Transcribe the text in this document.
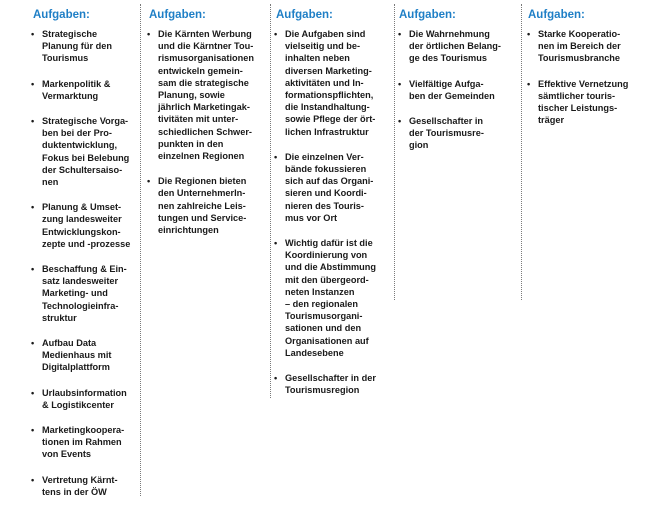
Aufgaben:
• Strategische
Planung für den
Tourismus
• Markenpolitik &
Vermarktung
• Strategische Vorga-
ben bei der Pro-
duktentwicklung,
Fokus bei Belebung
der Schultersaiso-
nen
• Planung & Umset-
zung landesweiter
Entwicklungskon-
zepte und -prozesse
• Beschaffung & Ein-
satz landesweiter
Marketing- und
Technologieinfra-
struktur
• Aufbau Data
Medienhaus mit
Digitalplattform
• Urlaubsinformation
& Logistikcenter
• Marketingkoopera-
tionen im Rahmen
von Events
• Vertretung Kärnt-
tens in der ÖW
Aufgaben:
• Die Kärnten Werbung
und die Kärntner Tou-
rismusorganisationen
entwickeln gemein-
sam die strategische
Planung, sowie
jährlich Marketingak-
tivitäten mit unter-
schiedlichen Schwer-
punkten in den
einzelnen Regionen
• Die Regionen bieten
den UnternehmerIn-
nen zahlreiche Leis-
tungen und Service-
einrichtungen
Aufgaben:
• Die Aufgaben sind
vielseitig und be-
inhalten neben
diversen Marketing-
aktivitäten und In-
formationspflichten,
die Instandhaltung-
sowie Pflege der ört-
lichen Infrastruktur
• Die einzelnen Ver-
bände fokussieren
sich auf das Organi-
sieren und Koordi-
nieren des Touris-
mus vor Ort
• Wichtig dafür ist die
Koordinierung von
und die Abstimmung
mit den übergeord-
neten Instanzen
– den regionalen
Tourismusorgani-
sationen und den
Organisationen auf
Landesebene
• Gesellschafter in der
Tourismusregion
Aufgaben:
• Die Wahrnehmung
der örtlichen Belang-
ge des Tourismus
• Vielfältige Aufga-
ben der Gemeinden
• Gesellschafter in
der Tourismusre-
gion
Aufgaben:
• Starke Kooperatio-
nen im Bereich der
Tourismusbranche
• Effektive Vernetzung
sämtlicher touris-
tischer Leistungs-
träger
